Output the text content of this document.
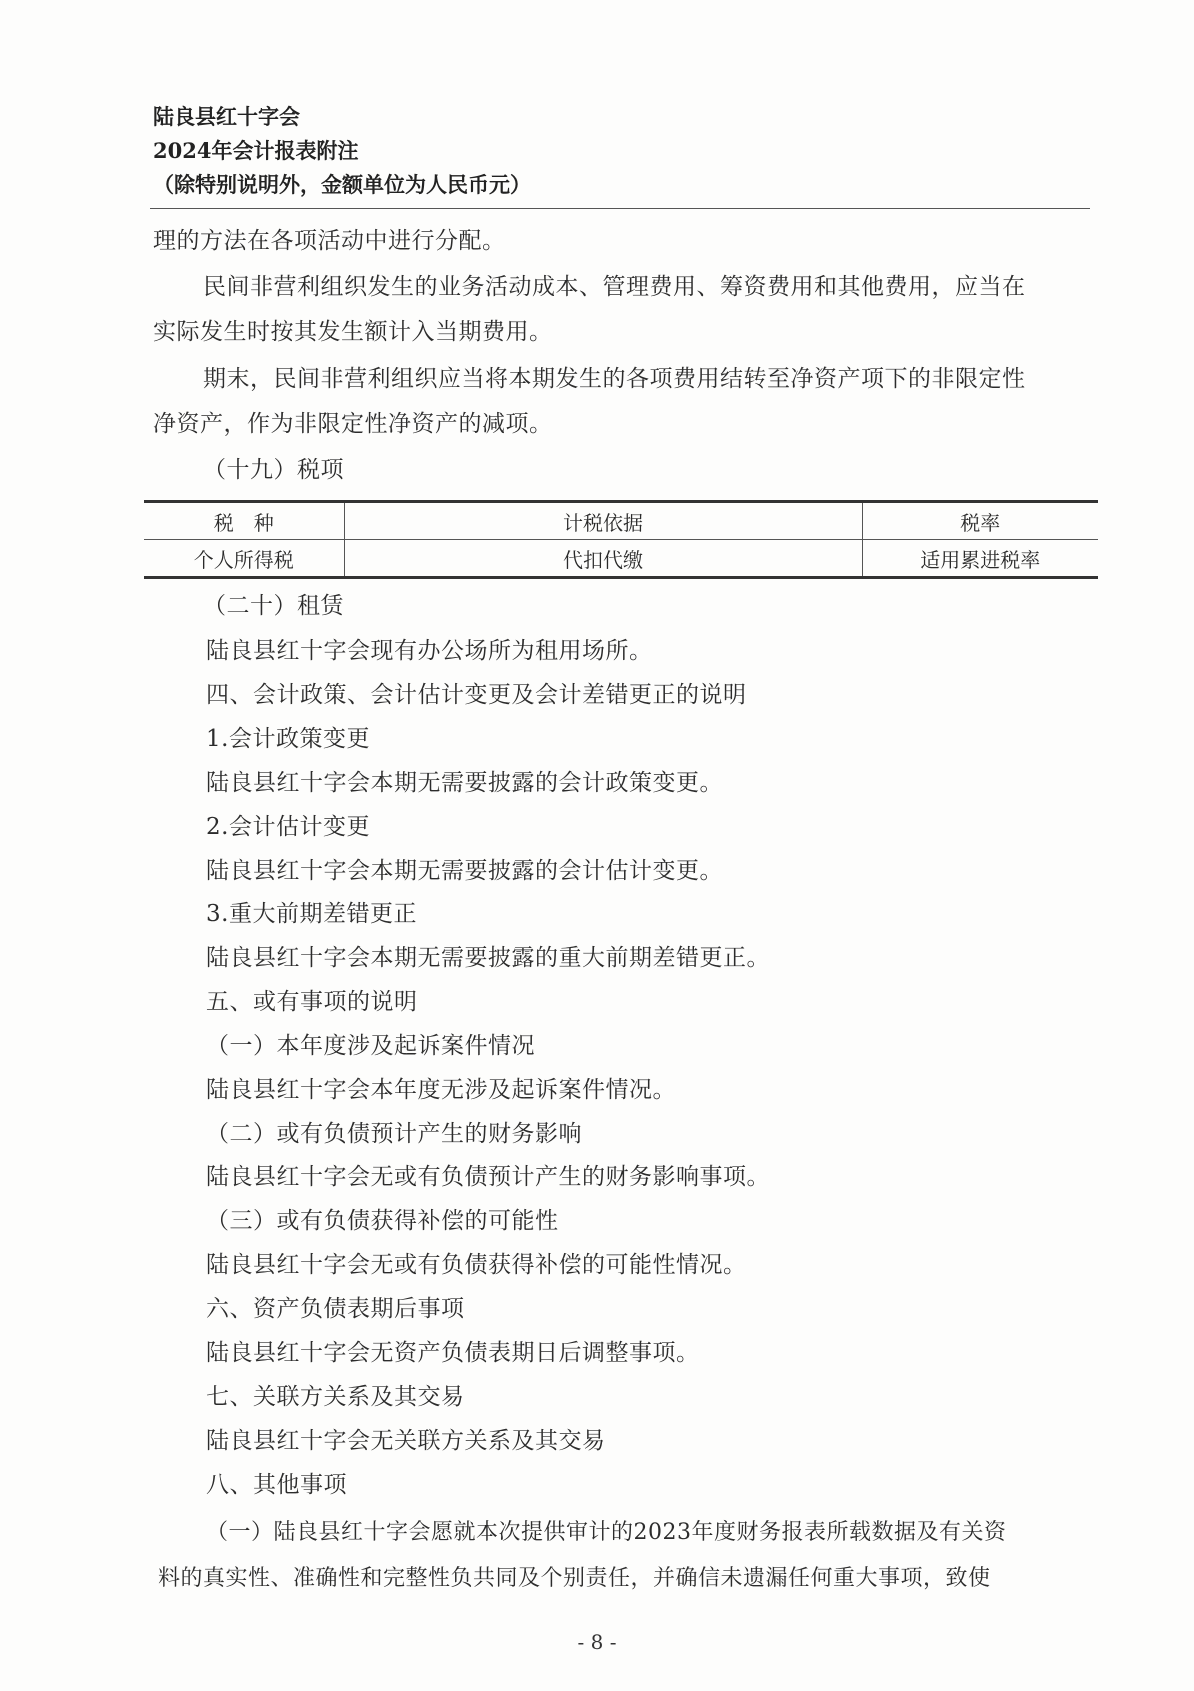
陆良县红十字会
2024年会计报表附注
（除特别说明外，金额单位为人民币元）
理的方法在各项活动中进行分配。
民间非营利组织发生的业务活动成本、管理费用、筹资费用和其他费用，应当在
实际发生时按其发生额计入当期费用。
期末，民间非营利组织应当将本期发生的各项费用结转至净资产项下的非限定性
净资产，作为非限定性净资产的减项。
（十九）税项
税　种	计税依据	税率
个人所得税	代扣代缴	适用累进税率
（二十）租赁
陆良县红十字会现有办公场所为租用场所。
四、会计政策、会计估计变更及会计差错更正的说明
1.会计政策变更
陆良县红十字会本期无需要披露的会计政策变更。
2.会计估计变更
陆良县红十字会本期无需要披露的会计估计变更。
3.重大前期差错更正
陆良县红十字会本期无需要披露的重大前期差错更正。
五、或有事项的说明
（一）本年度涉及起诉案件情况
陆良县红十字会本年度无涉及起诉案件情况。
（二）或有负债预计产生的财务影响
陆良县红十字会无或有负债预计产生的财务影响事项。
（三）或有负债获得补偿的可能性
陆良县红十字会无或有负债获得补偿的可能性情况。
六、资产负债表期后事项
陆良县红十字会无资产负债表期日后调整事项。
七、关联方关系及其交易
陆良县红十字会无关联方关系及其交易
八、其他事项
（一）陆良县红十字会愿就本次提供审计的2023年度财务报表所载数据及有关资
料的真实性、准确性和完整性负共同及个别责任，并确信未遗漏任何重大事项，致使
- 8 -
